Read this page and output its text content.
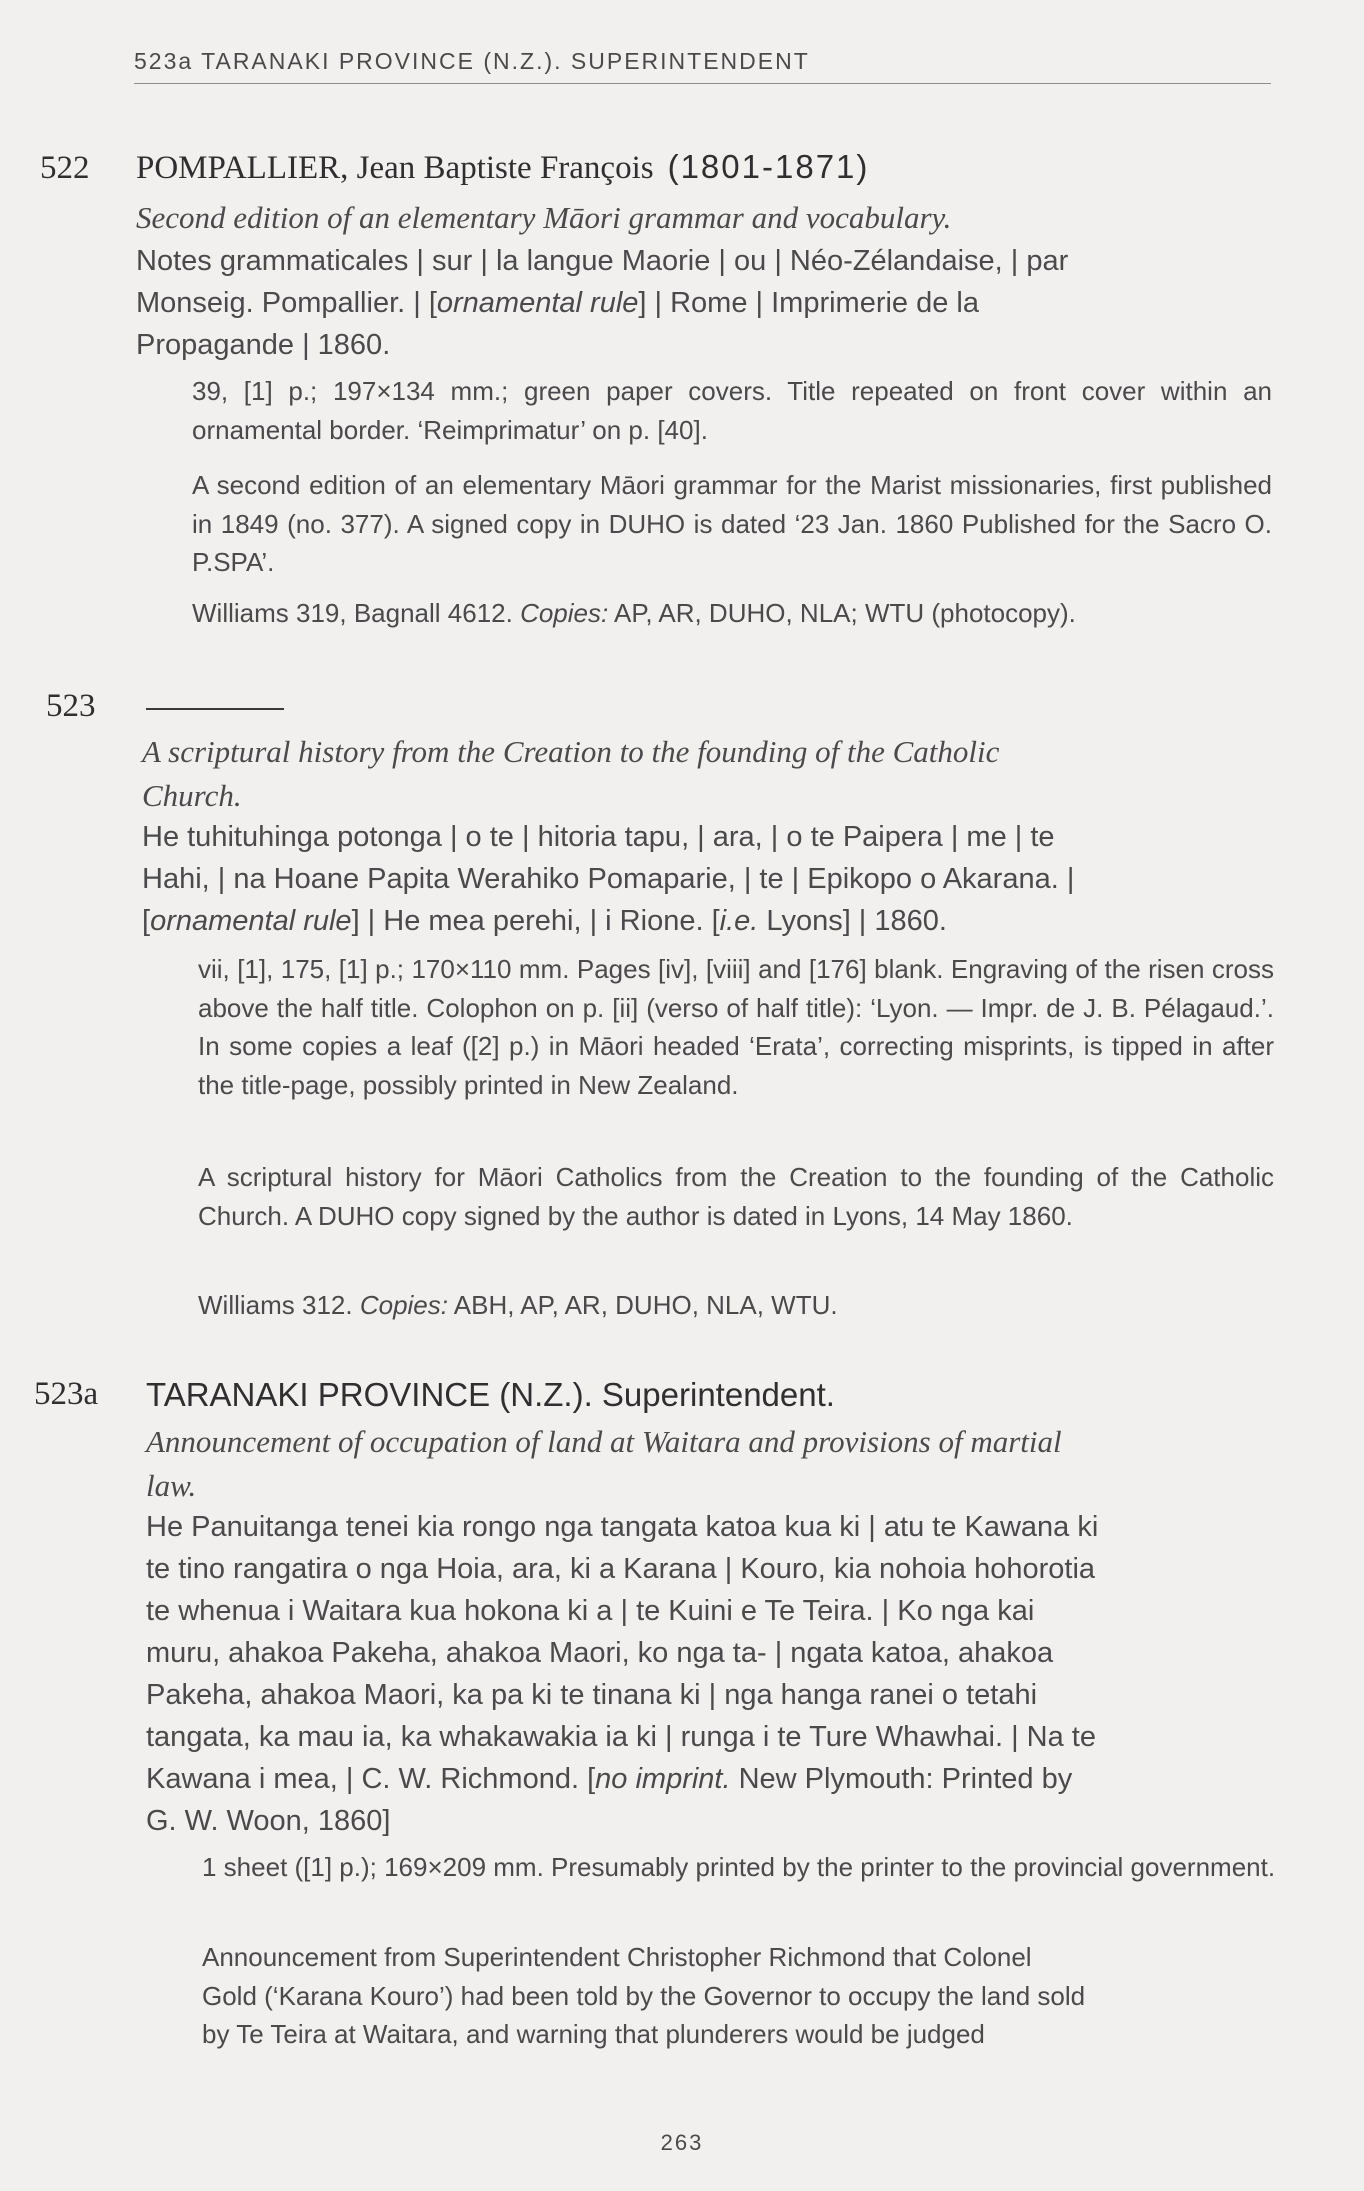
523a TARANAKI PROVINCE (N.Z.). SUPERINTENDENT
522 POMPALLIER, Jean Baptiste François (1801-1871)
Second edition of an elementary Māori grammar and vocabulary.
Notes grammaticales | sur | la langue Maorie | ou | Néo-Zélandaise, | par
Monseig. Pompallier. | [ornamental rule] | Rome | Imprimerie de la
Propagande | 1860.
39, [1] p.; 197×134 mm.; green paper covers. Title repeated on front cover within an ornamental border. ‘Reimprimatur’ on p. [40].
A second edition of an elementary Māori grammar for the Marist missionaries, first published in 1849 (no. 377). A signed copy in DUHO is dated ‘23 Jan. 1860 Published for the Sacro O. P.SPA’.
Williams 319, Bagnall 4612. Copies: AP, AR, DUHO, NLA; WTU (photocopy).
523
A scriptural history from the Creation to the founding of the Catholic
Church.
He tuhituhinga potonga | o te | hitoria tapu, | ara, | o te Paipera | me | te
Hahi, | na Hoane Papita Werahiko Pomaparie, | te | Epikopo o Akarana. |
[ornamental rule] | He mea perehi, | i Rione. [i.e. Lyons] | 1860.
vii, [1], 175, [1] p.; 170×110 mm. Pages [iv], [viii] and [176] blank. Engraving of the risen cross above the half title. Colophon on p. [ii] (verso of half title): ‘Lyon. — Impr. de J. B. Pélagaud.’. In some copies a leaf ([2] p.) in Māori headed ‘Erata’, correcting misprints, is tipped in after the title-page, possibly printed in New Zealand.
A scriptural history for Māori Catholics from the Creation to the founding of the Catholic Church. A DUHO copy signed by the author is dated in Lyons, 14 May 1860.
Williams 312. Copies: ABH, AP, AR, DUHO, NLA, WTU.
523a TARANAKI PROVINCE (N.Z.). Superintendent.
Announcement of occupation of land at Waitara and provisions of martial
law.
He Panuitanga tenei kia rongo nga tangata katoa kua ki | atu te Kawana ki
te tino rangatira o nga Hoia, ara, ki a Karana | Kouro, kia nohoia hohorotia
te whenua i Waitara kua hokona ki a | te Kuini e Te Teira. | Ko nga kai
muru, ahakoa Pakeha, ahakoa Maori, ko nga ta- | ngata katoa, ahakoa
Pakeha, ahakoa Maori, ka pa ki te tinana ki | nga hanga ranei o tetahi
tangata, ka mau ia, ka whakawakia ia ki | runga i te Ture Whawhai. | Na te
Kawana i mea, | C. W. Richmond. [no imprint. New Plymouth: Printed by
G. W. Woon, 1860]
1 sheet ([1] p.); 169×209 mm. Presumably printed by the printer to the provincial government.
Announcement from Superintendent Christopher Richmond that Colonel
Gold (‘Karana Kouro’) had been told by the Governor to occupy the land sold
by Te Teira at Waitara, and warning that plunderers would be judged
263
